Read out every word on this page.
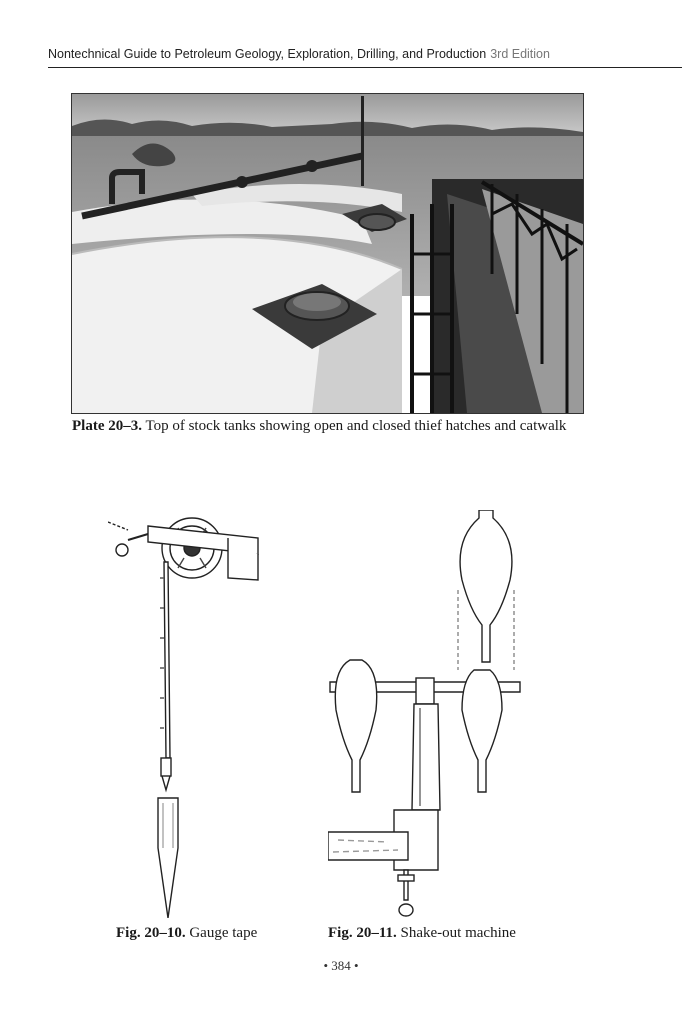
Nontechnical Guide to Petroleum Geology, Exploration, Drilling, and Production 3rd Edition
Plate 20–3. Top of stock tanks showing open and closed thief hatches and catwalk
Fig. 20–10. Gauge tape	Fig. 20–11. Shake-out machine
• 384 •
